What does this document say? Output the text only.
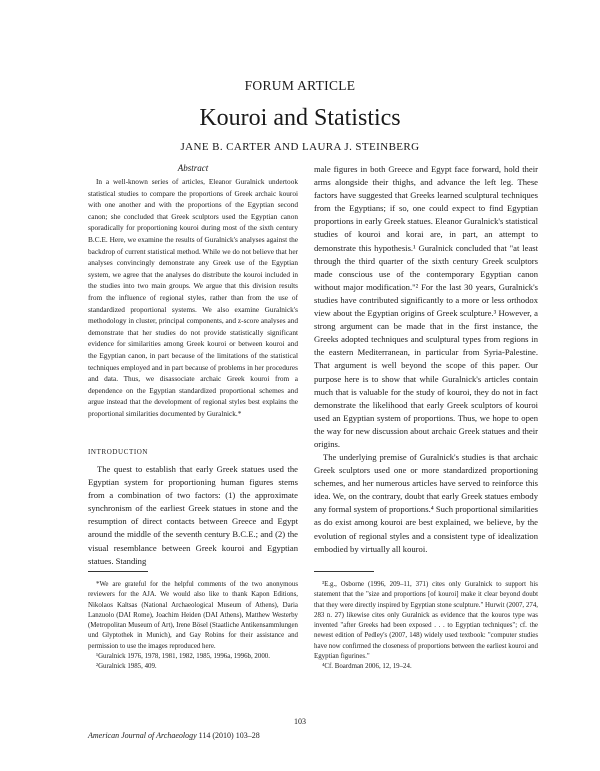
FORUM ARTICLE
Kouroi and Statistics
JANE B. CARTER AND LAURA J. STEINBERG
Abstract

In a well-known series of articles, Eleanor Guralnick undertook statistical studies to compare the proportions of Greek archaic kouroi with one another and with the proportions of the Egyptian second canon; she concluded that Greek sculptors used the Egyptian canon sporadically for proportioning kouroi during most of the sixth century B.C.E. Here, we examine the results of Guralnick's analyses against the backdrop of current statistical method. While we do not believe that her analyses convincingly demonstrate any Greek use of the Egyptian system, we agree that the analyses do distribute the kouroi included in the studies into two main groups. We argue that this division results from the influence of regional styles, rather than from the use of standardized proportional systems. We also examine Guralnick's methodology in cluster, principal components, and z-score analyses and demonstrate that her studies do not provide statistically significant evidence for similarities among Greek kouroi or between kouroi and the Egyptian canon, in part because of the limitations of the statistical techniques employed and in part because of problems in her procedures and data. Thus, we disassociate archaic Greek kouroi from a dependence on the Egyptian standardized proportional schemes and argue instead that the development of regional styles best explains the proportional similarities documented by Guralnick.*

INTRODUCTION

The quest to establish that early Greek statues used the Egyptian system for proportioning human figures stems from a combination of two factors: (1) the approximate synchronism of the earliest Greek statues in stone and the resumption of direct contacts between Greece and Egypt around the middle of the seventh century B.C.E.; and (2) the visual resemblance between Greek kouroi and Egyptian statues. Standing

male figures in both Greece and Egypt face forward, hold their arms alongside their thighs, and advance the left leg. These factors have suggested that Greeks learned sculptural techniques from the Egyptians; if so, one could expect to find Egyptian proportions in early Greek statues. Eleanor Guralnick's statistical studies of kouroi and korai are, in part, an attempt to demonstrate this hypothesis.¹ Guralnick concluded that "at least through the third quarter of the sixth century Greek sculptors made conscious use of the contemporary Egyptian canon without major modification."² For the last 30 years, Guralnick's studies have contributed significantly to a more or less orthodox view about the Egyptian origins of Greek sculpture.³ However, a strong argument can be made that in the first instance, the Greeks adopted techniques and sculptural types from regions in the eastern Mediterranean, in particular from Syria-Palestine. That argument is well beyond the scope of this paper. Our purpose here is to show that while Guralnick's articles contain much that is valuable for the study of kouroi, they do not in fact demonstrate the likelihood that early Greek sculptors of kouroi used an Egyptian system of proportions. Thus, we hope to open the way for new discussion about archaic Greek statues and their origins.

The underlying premise of Guralnick's studies is that archaic Greek sculptors used one or more standardized proportioning schemes, and her numerous articles have served to reinforce this idea. We, on the contrary, doubt that early Greek statues embody any formal system of proportions.⁴ Such proportional similarities as do exist among kouroi are best explained, we believe, by the evolution of regional styles and a consistent type of idealization embodied by virtually all kouroi.

*We are grateful for the helpful comments of the two anonymous reviewers for the AJA. We would also like to thank Kapon Editions, Nikolaos Kaltsas (National Archaeological Museum of Athens), Daria Lanzuolo (DAI Rome), Joachim Heiden (DAI Athens), Matthew Westerby (Metropolitan Museum of Art), Irene Bösel (Staatliche Antikensammlungen und Glyptothek in Munich), and Gay Robins for their assistance and permission to use the images reproduced here.

¹Guralnick 1976, 1978, 1981, 1982, 1985, 1996a, 1996b, 2000.

²Guralnick 1985, 409.

³E.g., Osborne (1996, 209–11, 371) cites only Guralnick to support his statement that the "size and proportions [of kouroi] make it clear beyond doubt that they were directly inspired by Egyptian stone sculpture." Hurwit (2007, 274, 283 n. 27) likewise cites only Guralnick as evidence that the kouros type was invented "after Greeks had been exposed . . . to Egyptian techniques"; cf. the newest edition of Pedley's (2007, 148) widely used textbook: "computer studies have now confirmed the closeness of proportions between the earliest kouroi and Egyptian figurines."

⁴Cf. Boardman 2006, 12, 19–24.

103
American Journal of Archaeology 114 (2010) 103–28
